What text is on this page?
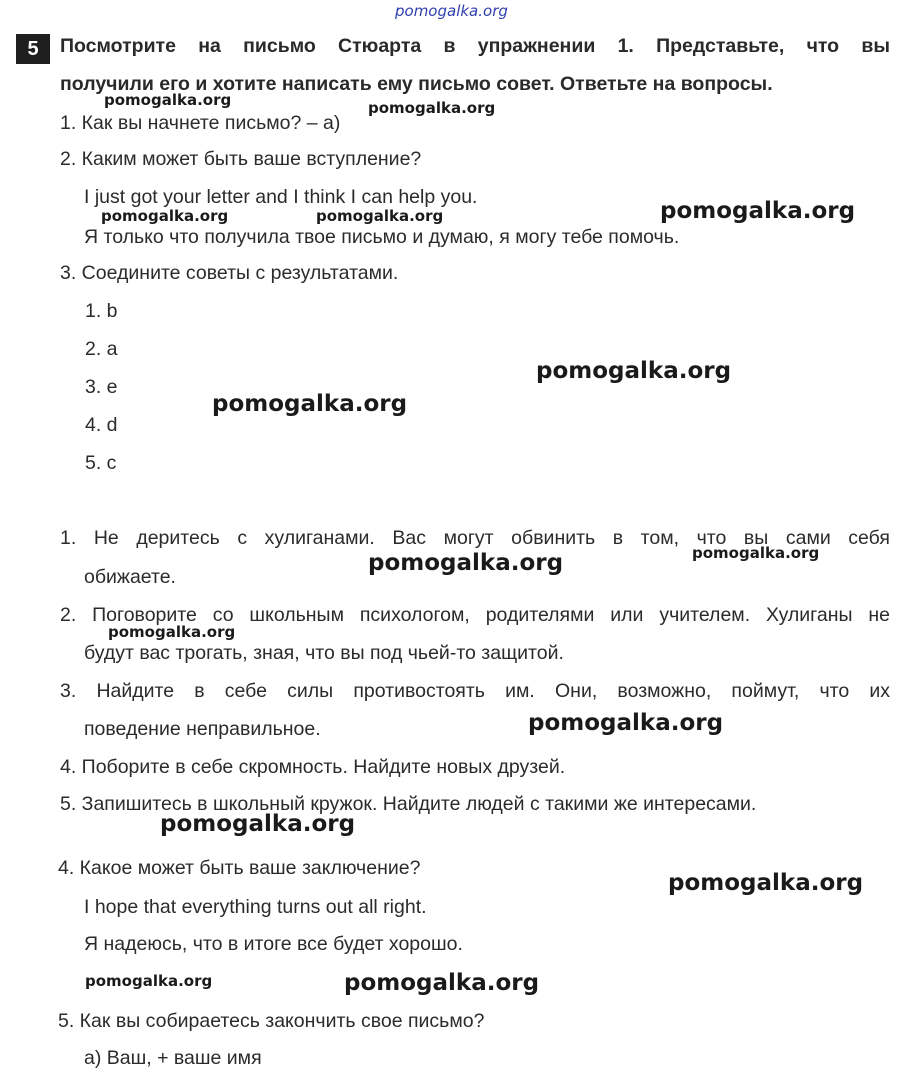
pomogalka.org
5	Посмотрите на письмо Стюарта в упражнении 1. Представьте, что вы
получили его и хотите написать ему письмо совет. Ответьте на вопросы.
1. Как вы начнете письмо? – а)
2. Каким может быть ваше вступление?
I just got your letter and I think I can help you.
Я только что получила твое письмо и думаю, я могу тебе помочь.
3. Соедините советы с результатами.
1. b
2. a
3. e
4. d
5. c
1. Не деритесь с хулиганами. Вас могут обвинить в том, что вы сами себя
обижаете.
2. Поговорите со школьным психологом, родителями или учителем. Хулиганы не
будут вас трогать, зная, что вы под чьей-то защитой.
3. Найдите в себе силы противостоять им. Они, возможно, поймут, что их
поведение неправильное.
4. Поборите в себе скромность. Найдите новых друзей.
5. Запишитесь в школьный кружок. Найдите людей с такими же интересами.
4. Какое может быть ваше заключение?
I hope that everything turns out all right.
Я надеюсь, что в итоге все будет хорошо.
5. Как вы собираетесь закончить свое письмо?
а) Ваш, + ваше имя
pomogalka.org	pomogalka.org
pomogalka.org	pomogalka.org	pomogalka.org
pomogalka.org
pomogalka.org
pomogalka.org
pomogalka.org
pomogalka.org
pomogalka.org
pomogalka.org
pomogalka.org
pomogalka.org	pomogalka.org
